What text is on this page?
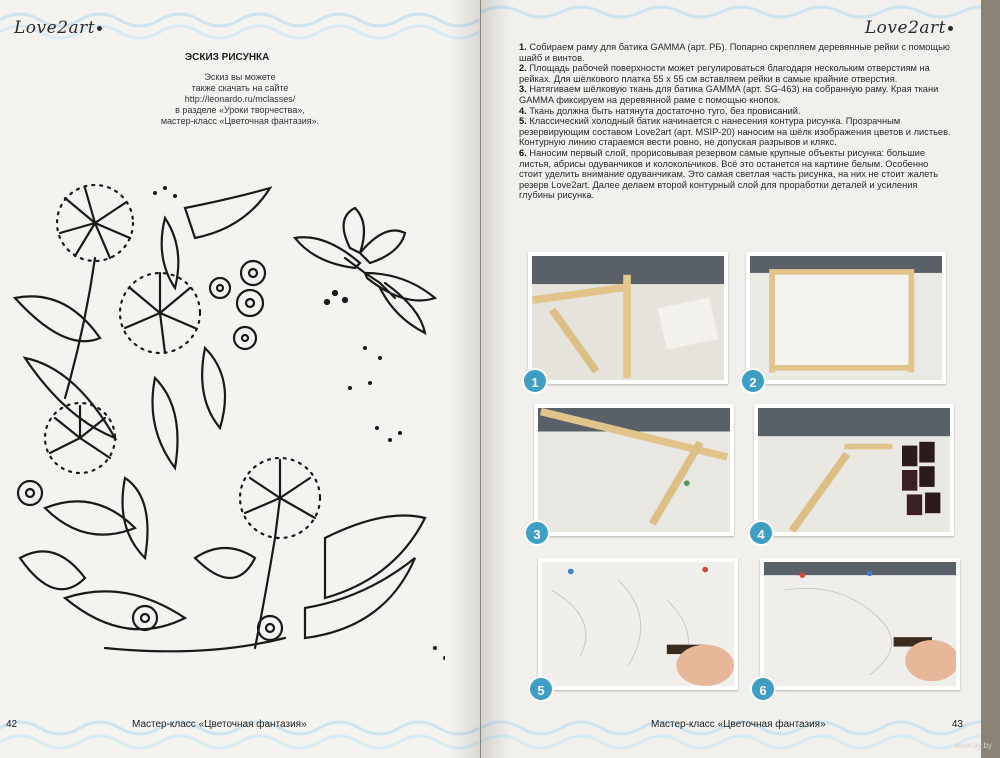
Love2art
ЭСКИЗ РИСУНКА
Эскиз вы можете
также скачать на сайте
http://leonardo.ru/mclasses/
в разделе «Уроки творчества»,
мастер-класс «Цветочная фантазия».
42	Мастер-класс «Цветочная фантазия»
Love2art

1. Собираем раму для батика GAMMA (арт. РБ). Попарно скрепляем деревянные рейки с помощью шайб и винтов.

2. Площадь рабочей поверхности может регулироваться благодаря нескольким отверстиям на рейках. Для шёлкового платка 55 х 55 см вставляем рейки в самые крайние отверстия.

3. Натягиваем шёлковую ткань для батика GAMMA (арт. SG-463) на собранную раму. Края ткани GAMMA фиксируем на деревянной раме с помощью кнопок.

4. Ткань должна быть натянута достаточно туго, без провисаний.

5. Классический холодный батик начинается с нанесения контура рисунка. Прозрачным резервирующим составом Love2art (арт. MSIP-20) наносим на шёлк изображения цветов и листьев. Контурную линию стараемся вести ровно, не допуская разрывов и клякс.

6. Наносим первый слой, прорисовывая резервом самые крупные объекты рисунка: большие листья, абрисы одуванчиков и колокольчиков. Всё это останется на картине белым. Особенно стоит уделить внимание одуванчикам. Это самая светлая часть рисунка, на них не стоит жалеть резерв Love2art. Далее делаем второй контурный слой для проработки деталей и усиления глубины рисунка.

1	2
3	4
5	6
Мастер-класс «Цветочная фантазия»	43
www.ay.by
